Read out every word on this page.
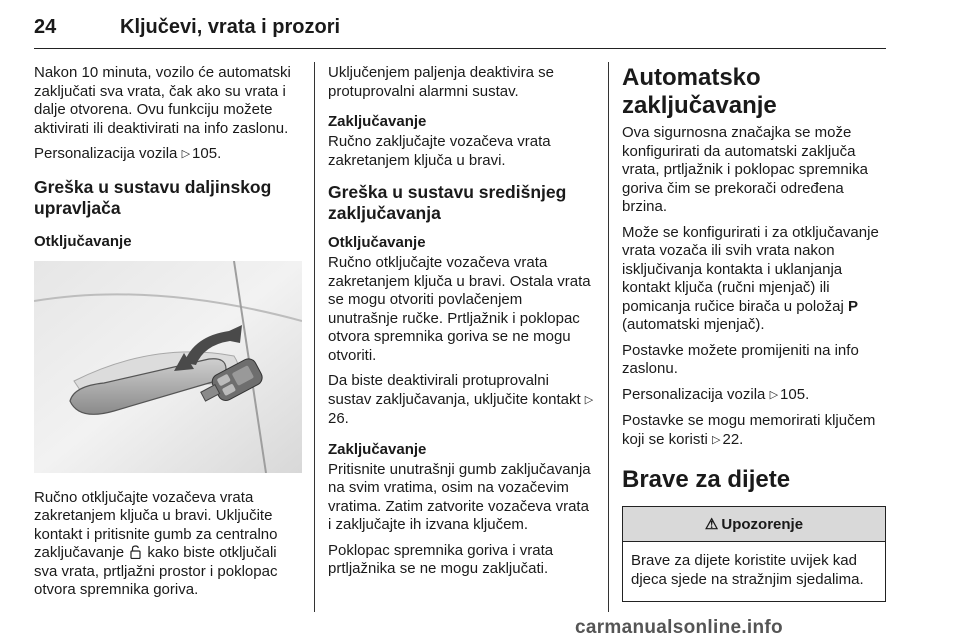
24	Ključevi, vrata i prozori

Nakon 10 minuta, vozilo će automatski zaključati sva vrata, čak ako su vrata i dalje otvorena. Ovu funkciju možete aktivirati ili deaktivirati na info zaslonu.

Personalizacija vozila ▷ 105.

Greška u sustavu daljinskog upravljača
Otključavanje

Ručno otključajte vozačeva vrata zakretanjem ključa u bravi. Uključite kontakt i pritisnite gumb za centralno zaključavanje  kako biste otključali sva vrata, prtljažni prostor i poklopac otvora spremnika goriva.

Uključenjem paljenja deaktivira se protuprovalni alarmni sustav.

Zaključavanje

Ručno zaključajte vozačeva vrata zakretanjem ključa u bravi.

Greška u sustavu središnjeg zaključavanja
Otključavanje

Ručno otključajte vozačeva vrata zakretanjem ključa u bravi. Ostala vrata se mogu otvoriti povlačenjem unutrašnje ručke. Prtljažnik i poklopac otvora spremnika goriva se ne mogu otvoriti.

Da biste deaktivirali protuprovalni sustav zaključavanja, uključite kontakt ▷26.

Zaključavanje

Pritisnite unutrašnji gumb zaključavanja na svim vratima, osim na vozačevim vratima. Zatim zatvorite vozačeva vrata i zaključajte ih izvana ključem.

Poklopac spremnika goriva i vrata prtljažnika se ne mogu zaključati.

Automatsko zaključavanje

Ova sigurnosna značajka se može konfigurirati da automatski zaključa vrata, prtljažnik i poklopac spremnika goriva čim se prekorači određena brzina.

Može se konfigurirati i za otključavanje vrata vozača ili svih vrata nakon isključivanja kontakta i uklanjanja kontakt ključa (ručni mjenjač) ili pomicanja ručice birača u položaj P (automatski mjenjač).

Postavke možete promijeniti na info zaslonu.

Personalizacija vozila ▷ 105.

Postavke se mogu memorirati ključem koji se koristi ▷ 22.

Brave za dijete
⚠ Upozorenje
Brave za dijete koristite uvijek kad djeca sjede na stražnjim sjedalima.
carmanualsonline.info
